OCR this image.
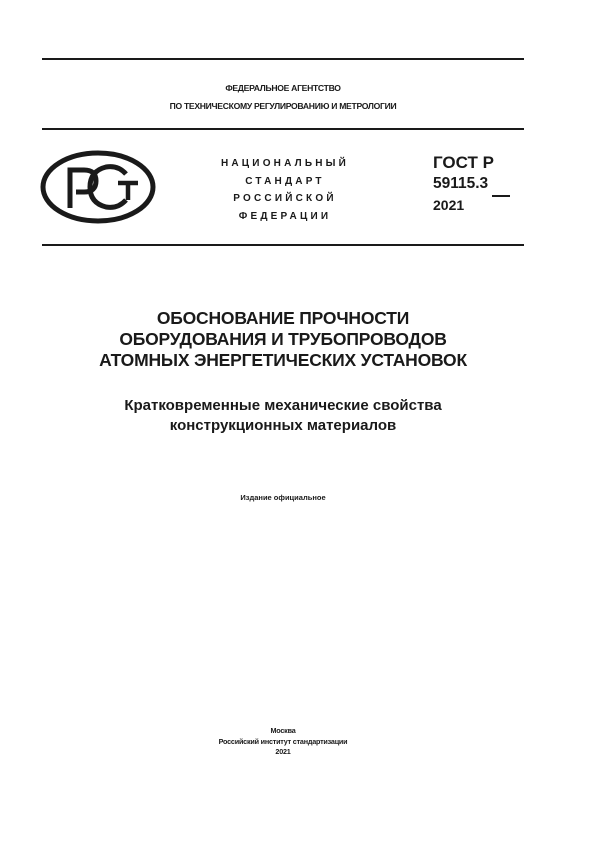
ФЕДЕРАЛЬНОЕ АГЕНТСТВО
ПО ТЕХНИЧЕСКОМУ РЕГУЛИРОВАНИЮ И МЕТРОЛОГИИ
НАЦИОНАЛЬНЫЙ
СТАНДАРТ
РОССИЙСКОЙ
ФЕДЕРАЦИИ
ГОСТ Р
59115.3
2021
ОБОСНОВАНИЕ ПРОЧНОСТИ
ОБОРУДОВАНИЯ И ТРУБОПРОВОДОВ
АТОМНЫХ ЭНЕРГЕТИЧЕСКИХ УСТАНОВОК
Кратковременные механические свойства
конструкционных материалов
Издание официальное
Москва
Российский институт стандартизации
2021
